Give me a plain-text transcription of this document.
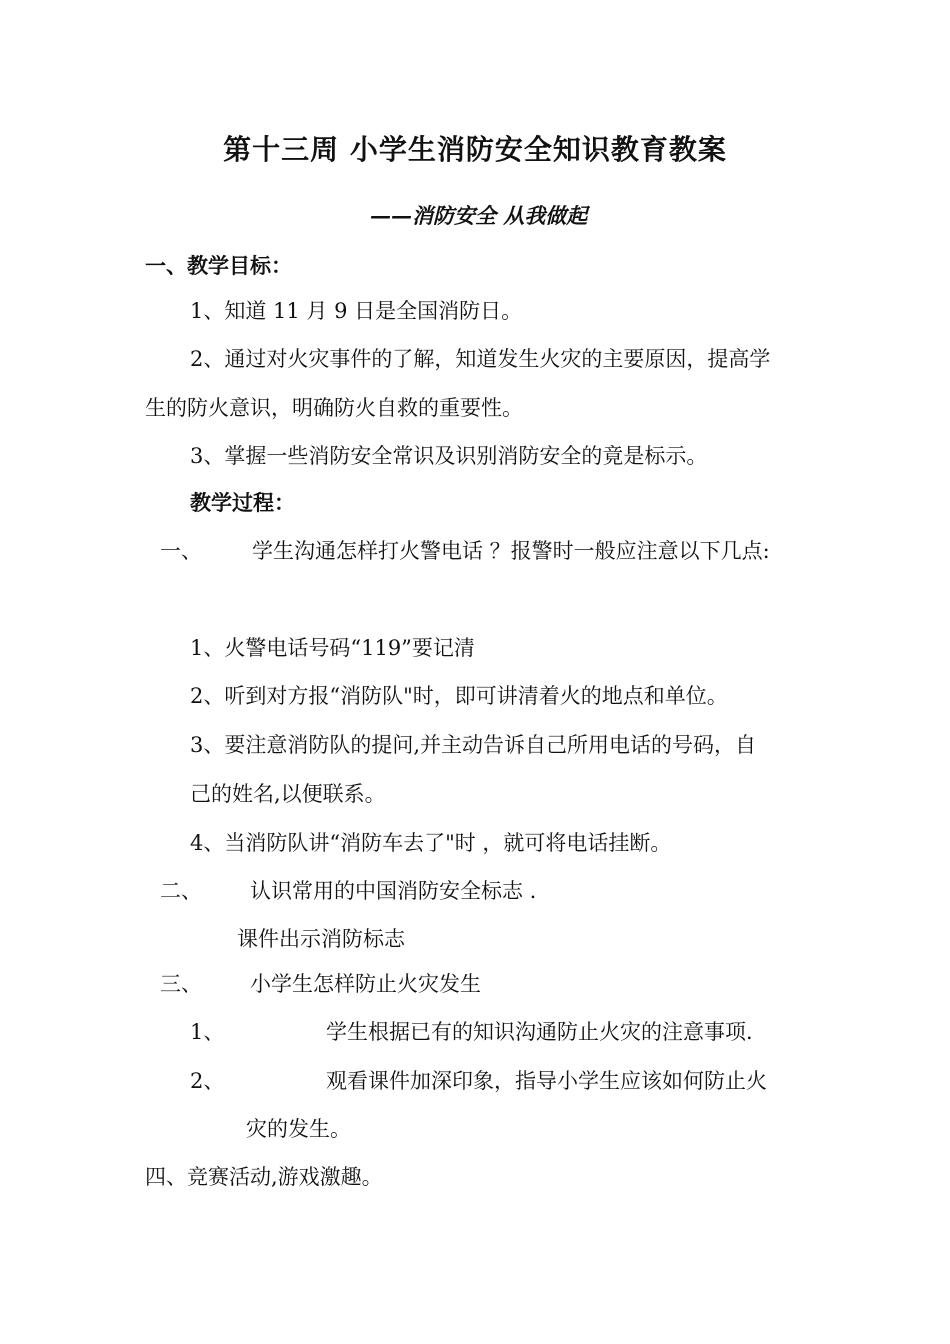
第十三周 小学生消防安全知识教育教案
——消防安全 从我做起
一、教学目标：
1、知道 11 月 9 日是全国消防日。
2、通过对火灾事件的了解，知道发生火灾的主要原因，提高学
生的防火意识，明确防火自救的重要性。
3、掌握一些消防安全常识及识别消防安全的竟是标示。
教学过程：
一、 学生沟通怎样打火警电话 ？报警时一般应注意以下几点:
1、火警电话号码“119”要记清
2、听到对方报“消防队"时，即可讲清着火的地点和单位。
3、要注意消防队的提问,并主动告诉自己所用电话的号码，自
己的姓名,以便联系。
4、当消防队讲“消防车去了"时 ，就可将电话挂断。
二、 认识常用的中国消防安全标志 .
课件出示消防标志
三、 小学生怎样防止火灾发生
1、	学生根据已有的知识沟通防止火灾的注意事项.
2、	观看课件加深印象，指导小学生应该如何防止火
灾的发生。
四、竞赛活动,游戏激趣。
